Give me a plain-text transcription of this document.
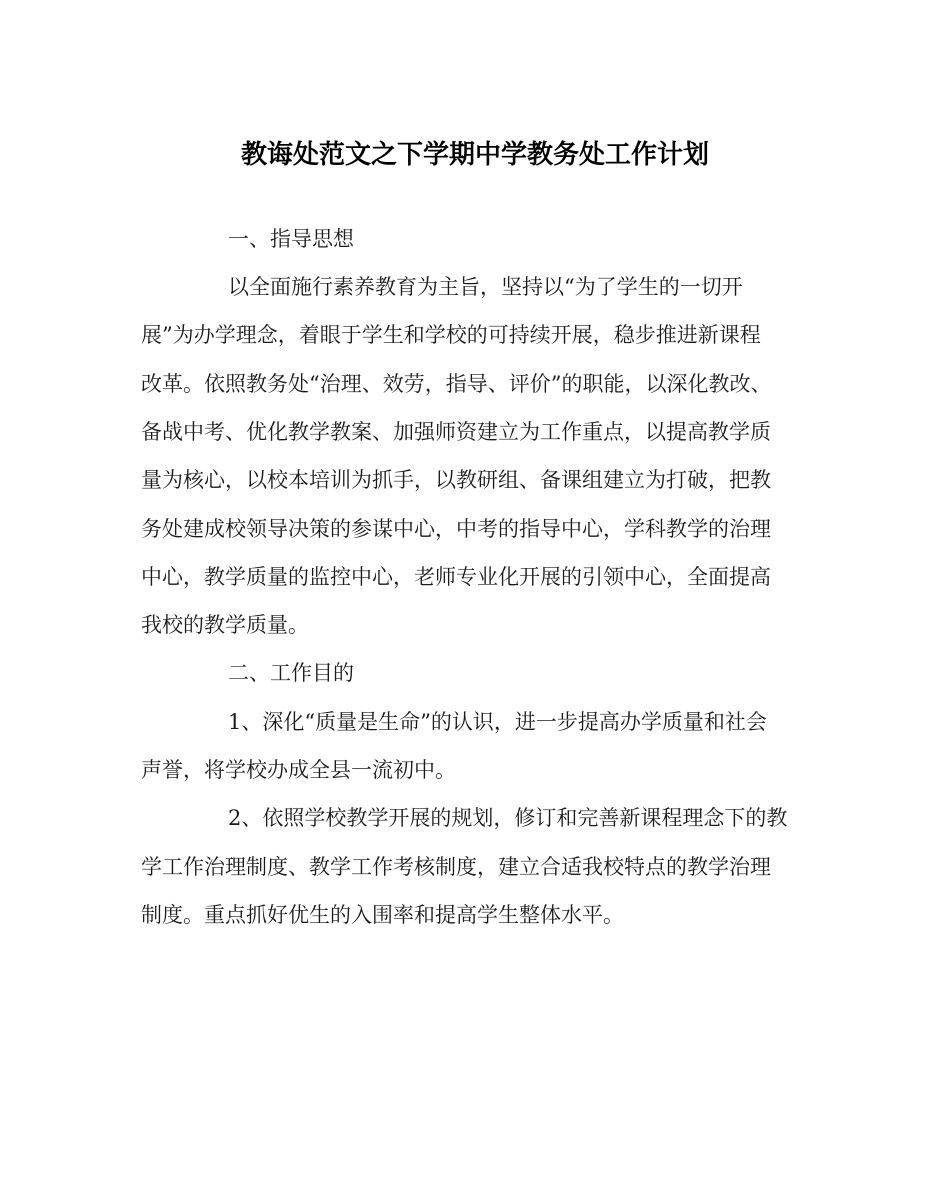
教诲处范文之下学期中学教务处工作计划
一、指导思想
以全面施行素养教育为主旨，坚持以“为了学生的一切开
展”为办学理念，着眼于学生和学校的可持续开展，稳步推进新课程
改革。依照教务处“治理、效劳，指导、评价”的职能，以深化教改、
备战中考、优化教学教案、加强师资建立为工作重点，以提高教学质
量为核心，以校本培训为抓手，以教研组、备课组建立为打破，把教
务处建成校领导决策的参谋中心，中考的指导中心，学科教学的治理
中心，教学质量的监控中心，老师专业化开展的引领中心，全面提高
我校的教学质量。
二、工作目的
1、深化“质量是生命”的认识，进一步提高办学质量和社会
声誉，将学校办成全县一流初中。
2、依照学校教学开展的规划，修订和完善新课程理念下的教
学工作治理制度、教学工作考核制度，建立合适我校特点的教学治理
制度。重点抓好优生的入围率和提高学生整体水平。
